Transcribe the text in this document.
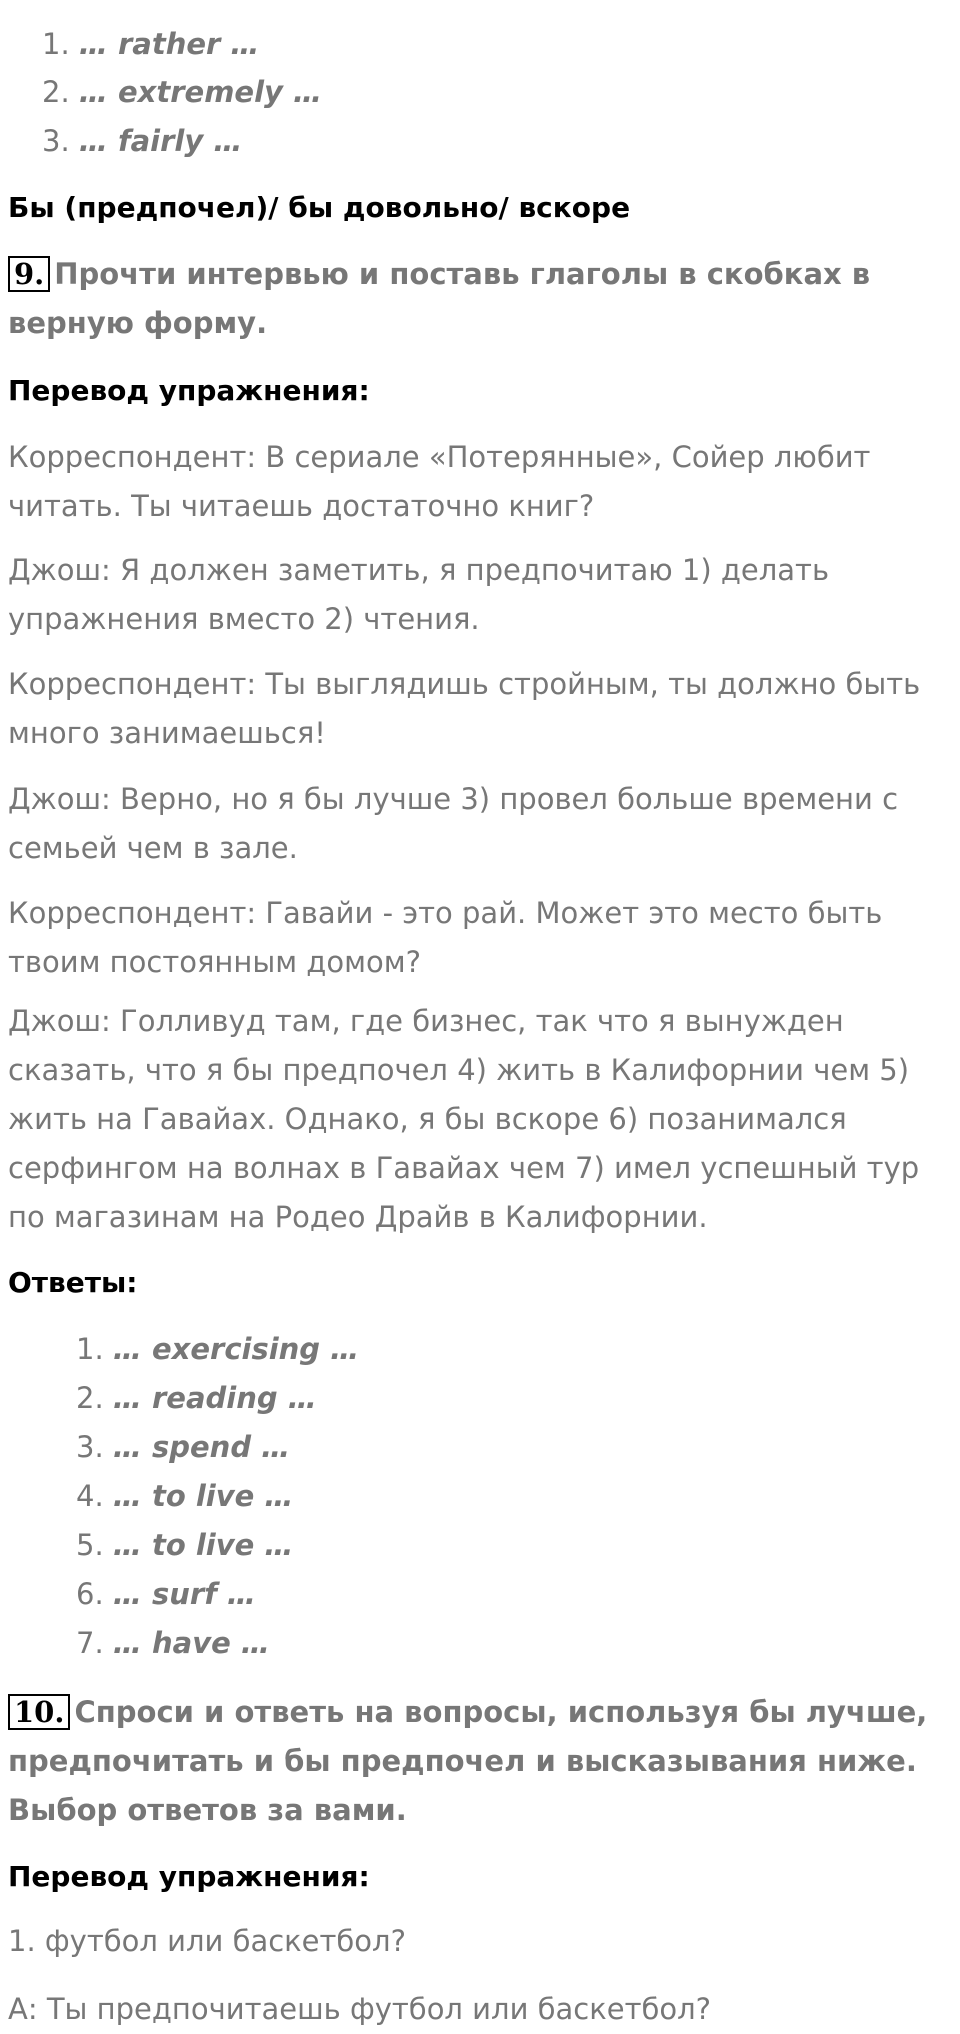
1. … rather …
2. … extremely …
3. … fairly …
Бы (предпочел)/ бы довольно/ вскоре
9. Прочти интервью и поставь глаголы в скобках в верную форму.
Перевод упражнения:
Корреспондент: В сериале «Потерянные», Сойер любит читать. Ты читаешь достаточно книг?
Джош: Я должен заметить, я предпочитаю 1) делать упражнения вместо 2) чтения.
Корреспондент: Ты выглядишь стройным, ты должно быть много занимаешься!
Джош: Верно, но я бы лучше 3) провел больше времени с семьей чем в зале.
Корреспондент: Гавайи - это рай. Может это место быть твоим постоянным домом?
Джош: Голливуд там, где бизнес, так что я вынужден сказать, что я бы предпочел 4) жить в Калифорнии чем 5) жить на Гавайах. Однако, я бы вскоре 6) позанимался серфингом на волнах в Гавайах чем 7) имел успешный тур по магазинам на Родео Драйв в Калифорнии.
Ответы:
1. … exercising …
2. … reading …
3. … spend …
4. … to live …
5. … to live …
6. … surf …
7. … have …
10. Спроси и ответь на вопросы, используя бы лучше, предпочитать и бы предпочел и высказывания ниже. Выбор ответов за вами.
Перевод упражнения:
1. футбол или баскетбол?
А: Ты предпочитаешь футбол или баскетбол?
